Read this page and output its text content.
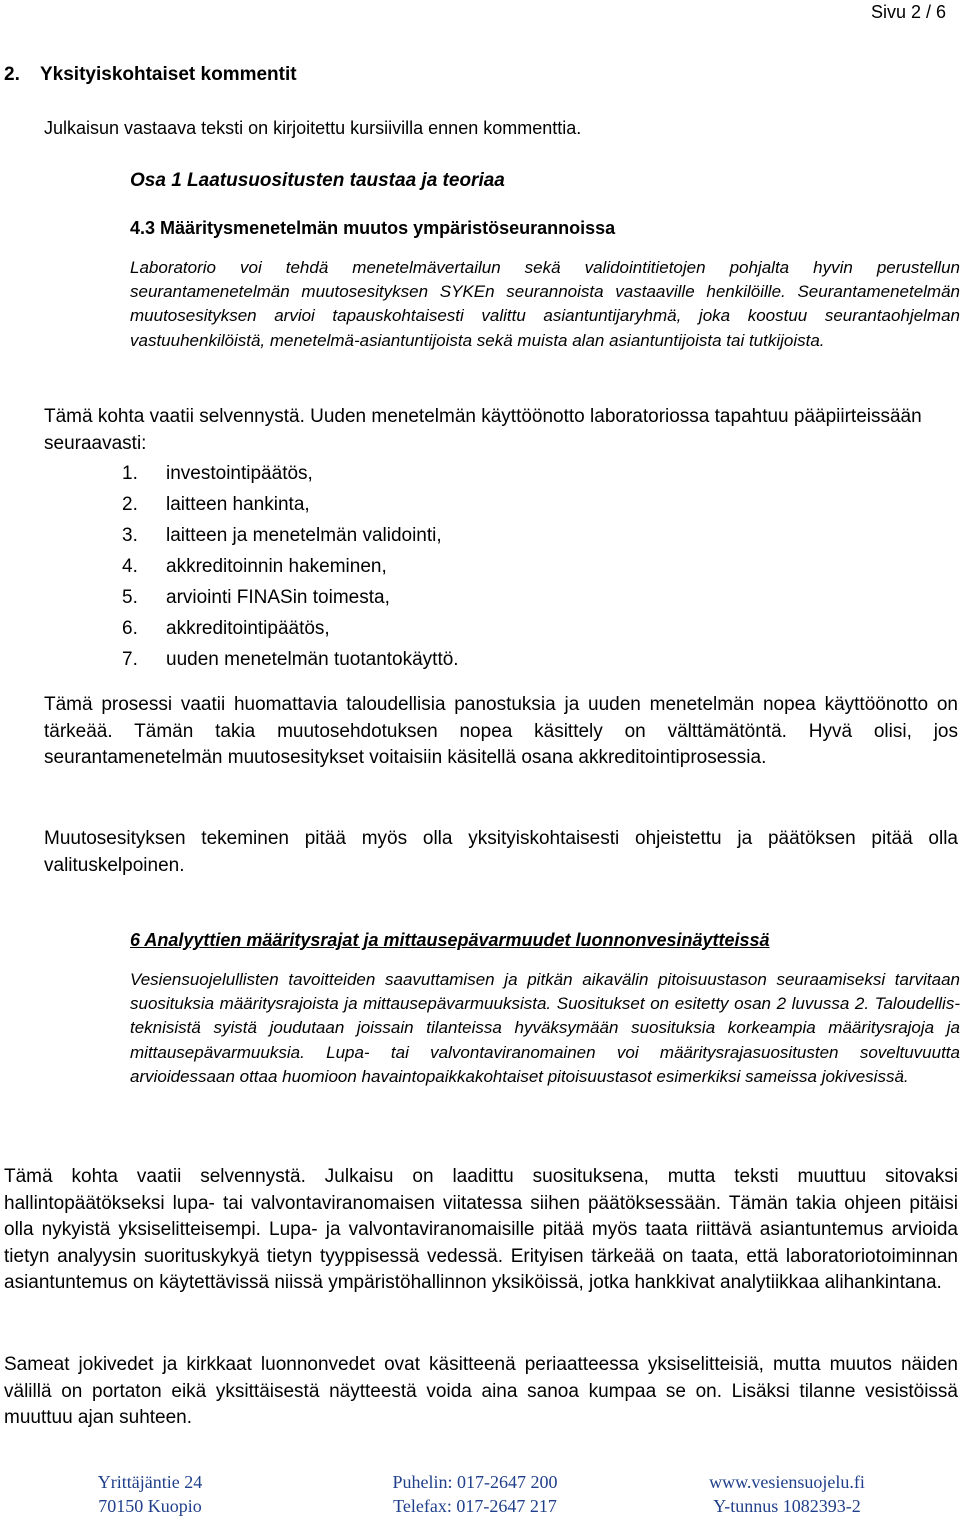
Sivu 2 / 6
2. Yksityiskohtaiset kommentit
Julkaisun vastaava teksti on kirjoitettu kursiivilla ennen kommenttia.
Osa 1 Laatusuositusten taustaa ja teoriaa
4.3 Määritysmenetelmän muutos ympäristöseurannoissa

Laboratorio voi tehdä menetelmävertailun sekä validointitietojen pohjalta hyvin perustellun seurantamenetelmän muutosesityksen SYKEn seurannoista vastaaville henkilöille. Seurantamenetelmän muutosesityksen arvioi tapauskohtaisesti valittu asiantuntijaryhmä, joka koostuu seurantaohjelman vastuuhenkilöistä, menetelmä-asiantuntijoista sekä muista alan asiantuntijoista tai tutkijoista.

Tämä kohta vaatii selvennystä. Uuden menetelmän käyttöönotto laboratoriossa tapahtuu pääpiirteissään seuraavasti:

1. investointipäätös,
2. laitteen hankinta,
3. laitteen ja menetelmän validointi,
4. akkreditoinnin hakeminen,
5. arviointi FINASin toimesta,
6. akkreditointipäätös,
7. uuden menetelmän tuotantokäyttö.

Tämä prosessi vaatii huomattavia taloudellisia panostuksia ja uuden menetelmän nopea käyttöönotto on tärkeää. Tämän takia muutosehdotuksen nopea käsittely on välttämätöntä. Hyvä olisi, jos seurantamenetelmän muutosesitykset voitaisiin käsitellä osana akkreditointiprosessia.

Muutosesityksen tekeminen pitää myös olla yksityiskohtaisesti ohjeistettu ja päätöksen pitää olla valituskelpoinen.

6 Analyyttien määritysrajat ja mittausepävarmuudet luonnonvesinäytteissä

Vesiensuojelullisten tavoitteiden saavuttamisen ja pitkän aikavälin pitoisuustason seuraamiseksi tarvitaan suosituksia määritysrajoista ja mittausepävarmuuksista. Suositukset on esitetty osan 2 luvussa 2. Taloudellis-teknisistä syistä joudutaan joissain tilanteissa hyväksymään suosituksia korkeampia määritysrajoja ja mittausepävarmuuksia. Lupa- tai valvontaviranomainen voi määritysrajasuositusten soveltuvuutta arvioidessaan ottaa huomioon havaintopaikkakohtaiset pitoisuustasot esimerkiksi sameissa jokivesissä.

Tämä kohta vaatii selvennystä. Julkaisu on laadittu suosituksena, mutta teksti muuttuu sitovaksi hallintopäätökseksi lupa- tai valvontaviranomaisen viitatessa siihen päätöksessään. Tämän takia ohjeen pitäisi olla nykyistä yksiselitteisempi. Lupa- ja valvontaviranomaisille pitää myös taata riittävä asiantuntemus arvioida tietyn analyysin suorituskykyä tietyn tyyppisessä vedessä. Erityisen tärkeää on taata, että laboratoriotoiminnan asiantuntemus on käytettävissä niissä ympäristöhallinnon yksiköissä, jotka hankkivat analytiikkaa alihankintana.

Sameat jokivedet ja kirkkaat luonnonvedet ovat käsitteenä periaatteessa yksiselitteisiä, mutta muutos näiden välillä on portaton eikä yksittäisestä näytteestä voida aina sanoa kumpaa se on. Lisäksi tilanne vesistöissä muuttuu ajan suhteen.

Yrittäjäntie 24
70150 Kuopio
Puhelin: 017-2647 200
Telefax: 017-2647 217
www.vesiensuojelu.fi
Y-tunnus 1082393-2
